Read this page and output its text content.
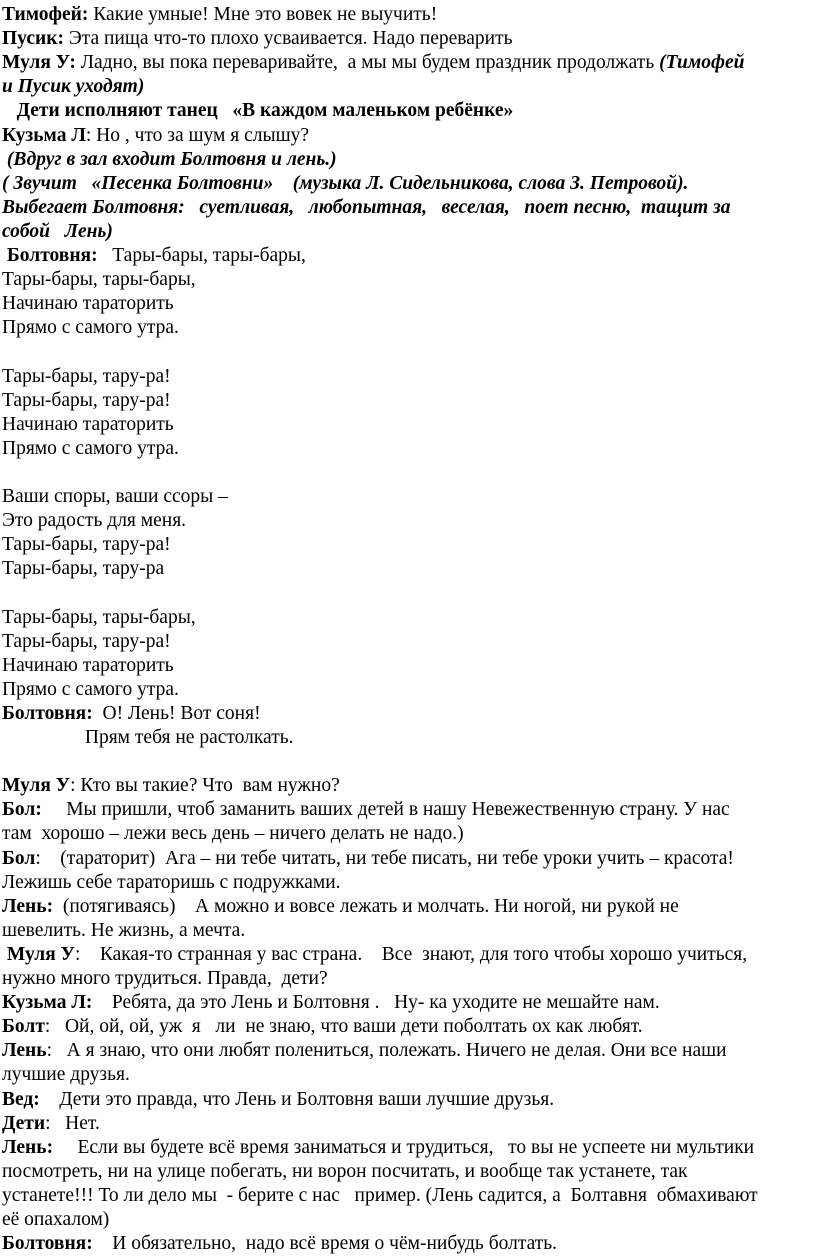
Тимофей: Какие умные! Мне это вовек не выучить!
Пусик: Эта пища что-то плохо усваивается. Надо переварить
Муля У: Ладно, вы пока переваривайте,  а мы мы будем праздник продолжать (Тимофей
и Пусик уходят)
Дети исполняют танец   «В каждом маленьком ребёнке»
Кузьма Л: Но , что за шум я слышу?
(Вдруг в зал входит Болтовня и лень.)
( Звучит   «Песенка Болтовни»    (музыка Л. Сидельникова, слова З. Петровой).
Выбегает Болтовня:   суетливая,   любопытная,   веселая,   поет песню,  тащит за
собой   Лень)
Болтовня:   Тары-бары, тары-бары,
Тары-бары, тары-бары,
Начинаю тараторить
Прямо с самого утра.
Тары-бары, тару-ра!
Тары-бары, тару-ра!
Начинаю тараторить
Прямо с самого утра.
Ваши споры, ваши ссоры –
Это радость для меня.
Тары-бары, тару-ра!
Тары-бары, тару-ра
Тары-бары, тары-бары,
Тары-бары, тару-ра!
Начинаю тараторить
Прямо с самого утра.
Болтовня:  О! Лень! Вот соня!
Прям тебя не растолкать.
Муля У: Кто вы такие? Что  вам нужно?
Бол:     Мы пришли, чтоб заманить ваших детей в нашу Невежественную страну. У нас
там  хорошо – лежи весь день – ничего делать не надо.)
Бол:    (тараторит)  Ага – ни тебе читать, ни тебе писать, ни тебе уроки учить – красота!
Лежишь себе тараторишь с подружками.
Лень:  (потягиваясь)    А можно и вовсе лежать и молчать. Ни ногой, ни рукой не
шевелить. Не жизнь, а мечта.
Муля У:    Какая-то странная у вас страна.    Все  знают, для того чтобы хорошо учиться,
нужно много трудиться. Правда,  дети?
Кузьма Л:    Ребята, да это Лень и Болтовня .   Ну- ка уходите не мешайте нам.
Болт:   Ой, ой, ой, уж  я   ли  не знаю, что ваши дети поболтать ох как любят.
Лень:   А я знаю, что они любят полениться, полежать. Ничего не делая. Они все наши
лучшие друзья.
Вед:    Дети это правда, что Лень и Болтовня ваши лучшие друзья.
Дети:   Нет.
Лень:     Если вы будете всё время заниматься и трудиться,   то вы не успеете ни мультики
посмотреть, ни на улице побегать, ни ворон посчитать, и вообще так устанете, так
устанете!!! То ли дело мы  - берите с нас   пример. (Лень садится, а  Болтавня  обмахивают
её опахалом)
Болтовня:    И обязательно,  надо всё время о чём-нибудь болтать.
